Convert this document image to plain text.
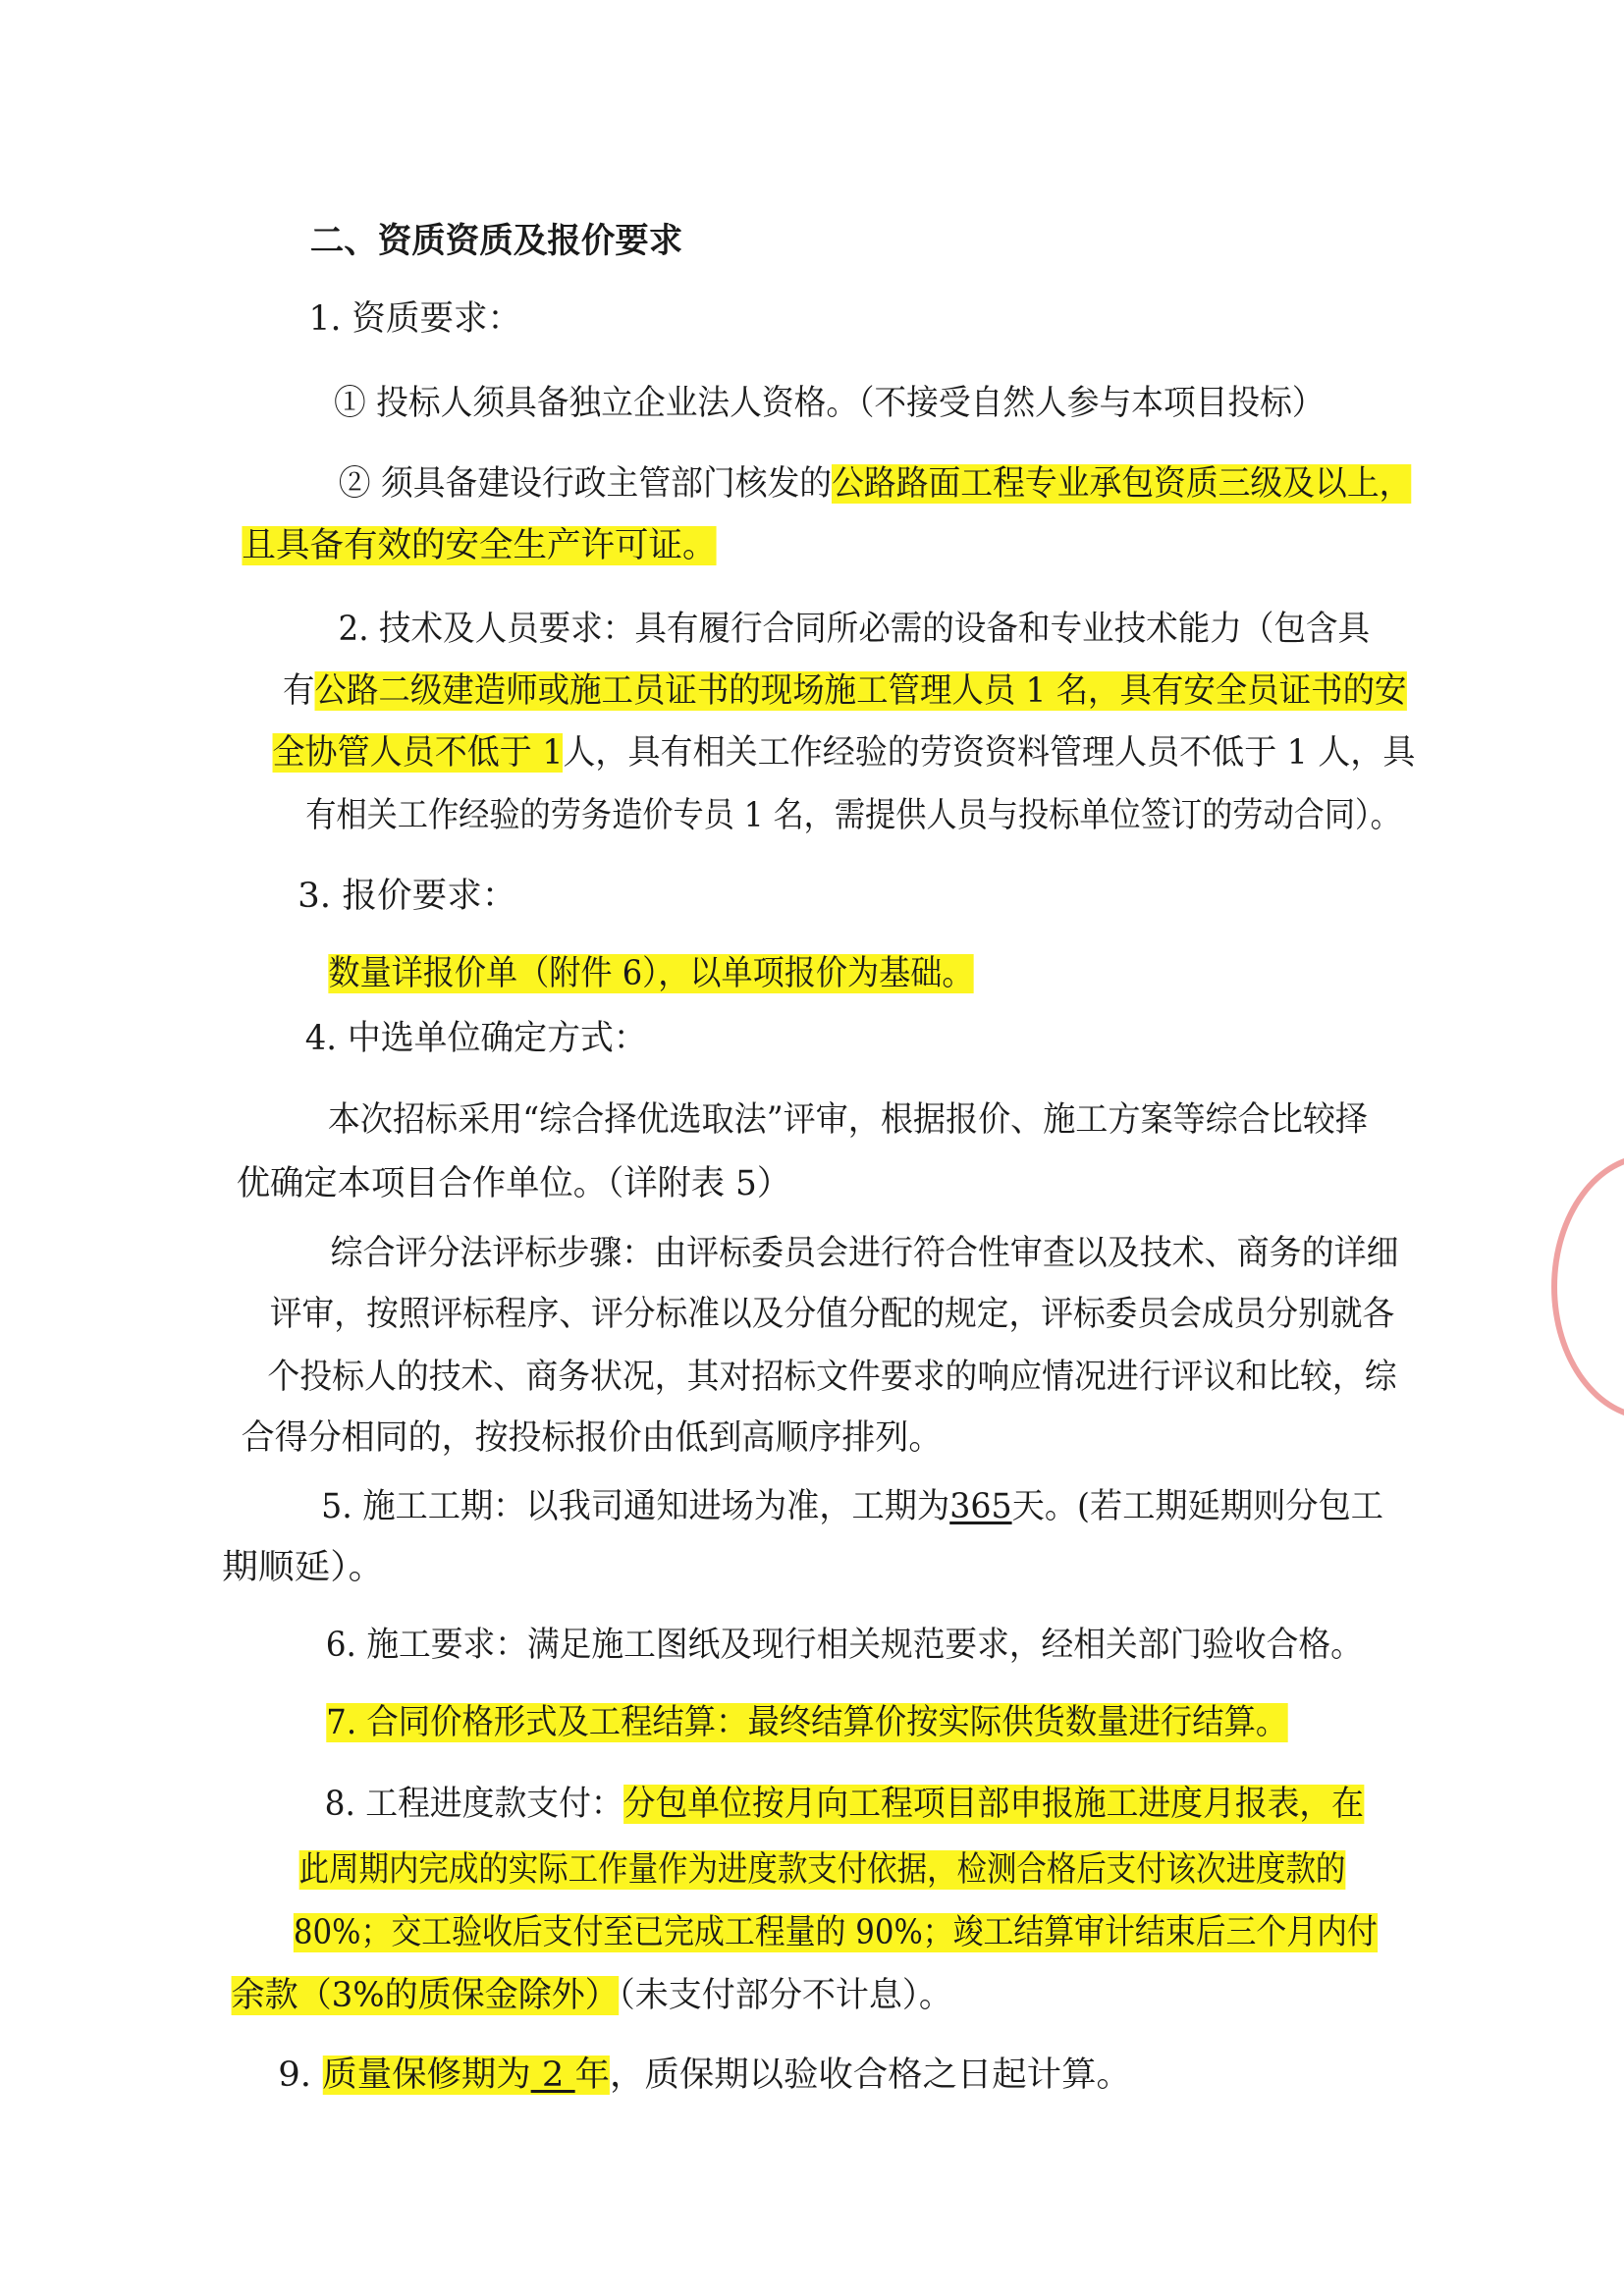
二、资质资质及报价要求
1. 资质要求：
① 投标人须具备独立企业法人资格。（不接受自然人参与本项目投标）
② 须具备建设行政主管部门核发的公路路面工程专业承包资质三级及以上，
且具备有效的安全生产许可证。
2. 技术及人员要求：具有履行合同所必需的设备和专业技术能力（包含具
有公路二级建造师或施工员证书的现场施工管理人员 1 名，具有安全员证书的安
全协管人员不低于 1人，具有相关工作经验的劳资资料管理人员不低于 1 人，具
有相关工作经验的劳务造价专员 1 名，需提供人员与投标单位签订的劳动合同）。
3. 报价要求：
数量详报价单（附件 6），以单项报价为基础。
4. 中选单位确定方式：
本次招标采用“综合择优选取法”评审，根据报价、施工方案等综合比较择
优确定本项目合作单位。（详附表 5）
综合评分法评标步骤：由评标委员会进行符合性审查以及技术、商务的详细
评审，按照评标程序、评分标准以及分值分配的规定，评标委员会成员分别就各
个投标人的技术、商务状况，其对招标文件要求的响应情况进行评议和比较，综
合得分相同的，按投标报价由低到高顺序排列。
5. 施工工期：以我司通知进场为准，工期为365天。(若工期延期则分包工
期顺延）。
6. 施工要求：满足施工图纸及现行相关规范要求，经相关部门验收合格。
7. 合同价格形式及工程结算：最终结算价按实际供货数量进行结算。
8. 工程进度款支付：分包单位按月向工程项目部申报施工进度月报表，在
此周期内完成的实际工作量作为进度款支付依据，检测合格后支付该次进度款的
80%；交工验收后支付至已完成工程量的 90%；竣工结算审计结束后三个月内付
余款（3%的质保金除外）（未支付部分不计息）。
9. 质量保修期为 2 年，质保期以验收合格之日起计算。
